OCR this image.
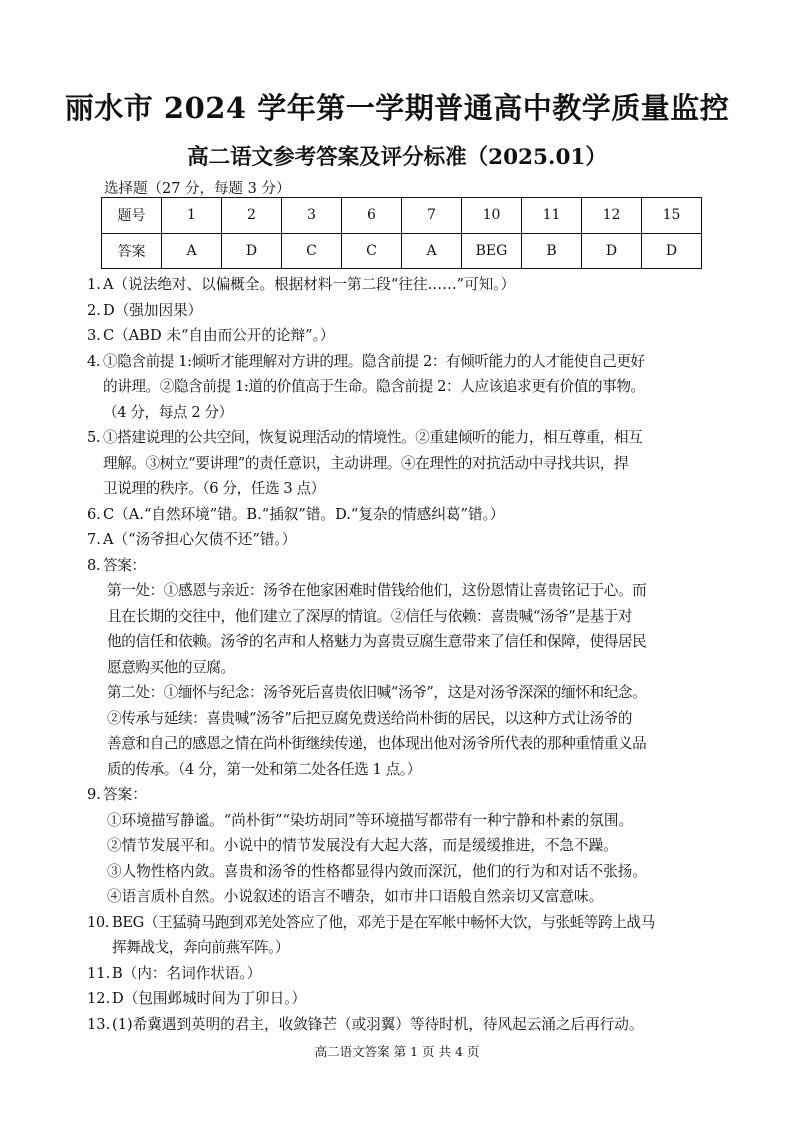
丽水市 2024 学年第一学期普通高中教学质量监控
高二语文参考答案及评分标准（2025.01）
选择题（27 分，每题 3 分）
题号	1	2	3	6	7	10	11	12	15
答案	A	D	C	C	A	BEG	B	D	D
1. A（说法绝对、以偏概全。根据材料一第二段“往往……”可知。）
2. D（强加因果）
3. C（ABD 未“自由而公开的论辩”。）
4. ①隐含前提 1:倾听才能理解对方讲的理。隐含前提 2：有倾听能力的人才能使自己更好
的讲理。②隐含前提 1:道的价值高于生命。隐含前提 2：人应该追求更有价值的事物。
（4 分，每点 2 分）
5. ①搭建说理的公共空间，恢复说理活动的情境性。②重建倾听的能力，相互尊重，相互
理解。③树立“要讲理”的责任意识，主动讲理。④在理性的对抗活动中寻找共识，捍
卫说理的秩序。（6 分，任选 3 点）
6. C（A.“自然环境”错。B.“插叙”错。D.“复杂的情感纠葛”错。）
7. A（“汤爷担心欠债不还”错。）
8. 答案：
第一处：①感恩与亲近：汤爷在他家困难时借钱给他们，这份恩情让喜贵铭记于心。而
且在长期的交往中，他们建立了深厚的情谊。②信任与依赖：喜贵喊“汤爷”是基于对
他的信任和依赖。汤爷的名声和人格魅力为喜贵豆腐生意带来了信任和保障，使得居民
愿意购买他的豆腐。
第二处：①缅怀与纪念：汤爷死后喜贵依旧喊“汤爷”，这是对汤爷深深的缅怀和纪念。
②传承与延续：喜贵喊“汤爷”后把豆腐免费送给尚朴街的居民，以这种方式让汤爷的
善意和自己的感恩之情在尚朴街继续传递，也体现出他对汤爷所代表的那种重情重义品
质的传承。（4 分，第一处和第二处各任选 1 点。）
9. 答案：
①环境描写静谧。“尚朴街”“染坊胡同”等环境描写都带有一种宁静和朴素的氛围。
②情节发展平和。小说中的情节发展没有大起大落，而是缓缓推进，不急不躁。
③人物性格内敛。喜贵和汤爷的性格都显得内敛而深沉，他们的行为和对话不张扬。
④语言质朴自然。小说叙述的语言不嘈杂，如市井口语般自然亲切又富意味。
10. BEG（王猛骑马跑到邓羌处答应了他，邓羌于是在军帐中畅怀大饮，与张蚝等跨上战马
挥舞战戈，奔向前燕军阵。）
11. B（内：名词作状语。）
12. D（包围邺城时间为丁卯日。）
13. (1)希冀遇到英明的君主，收敛锋芒（或羽翼）等待时机，待风起云涌之后再行动。
高二语文答案 第 1 页 共 4 页
